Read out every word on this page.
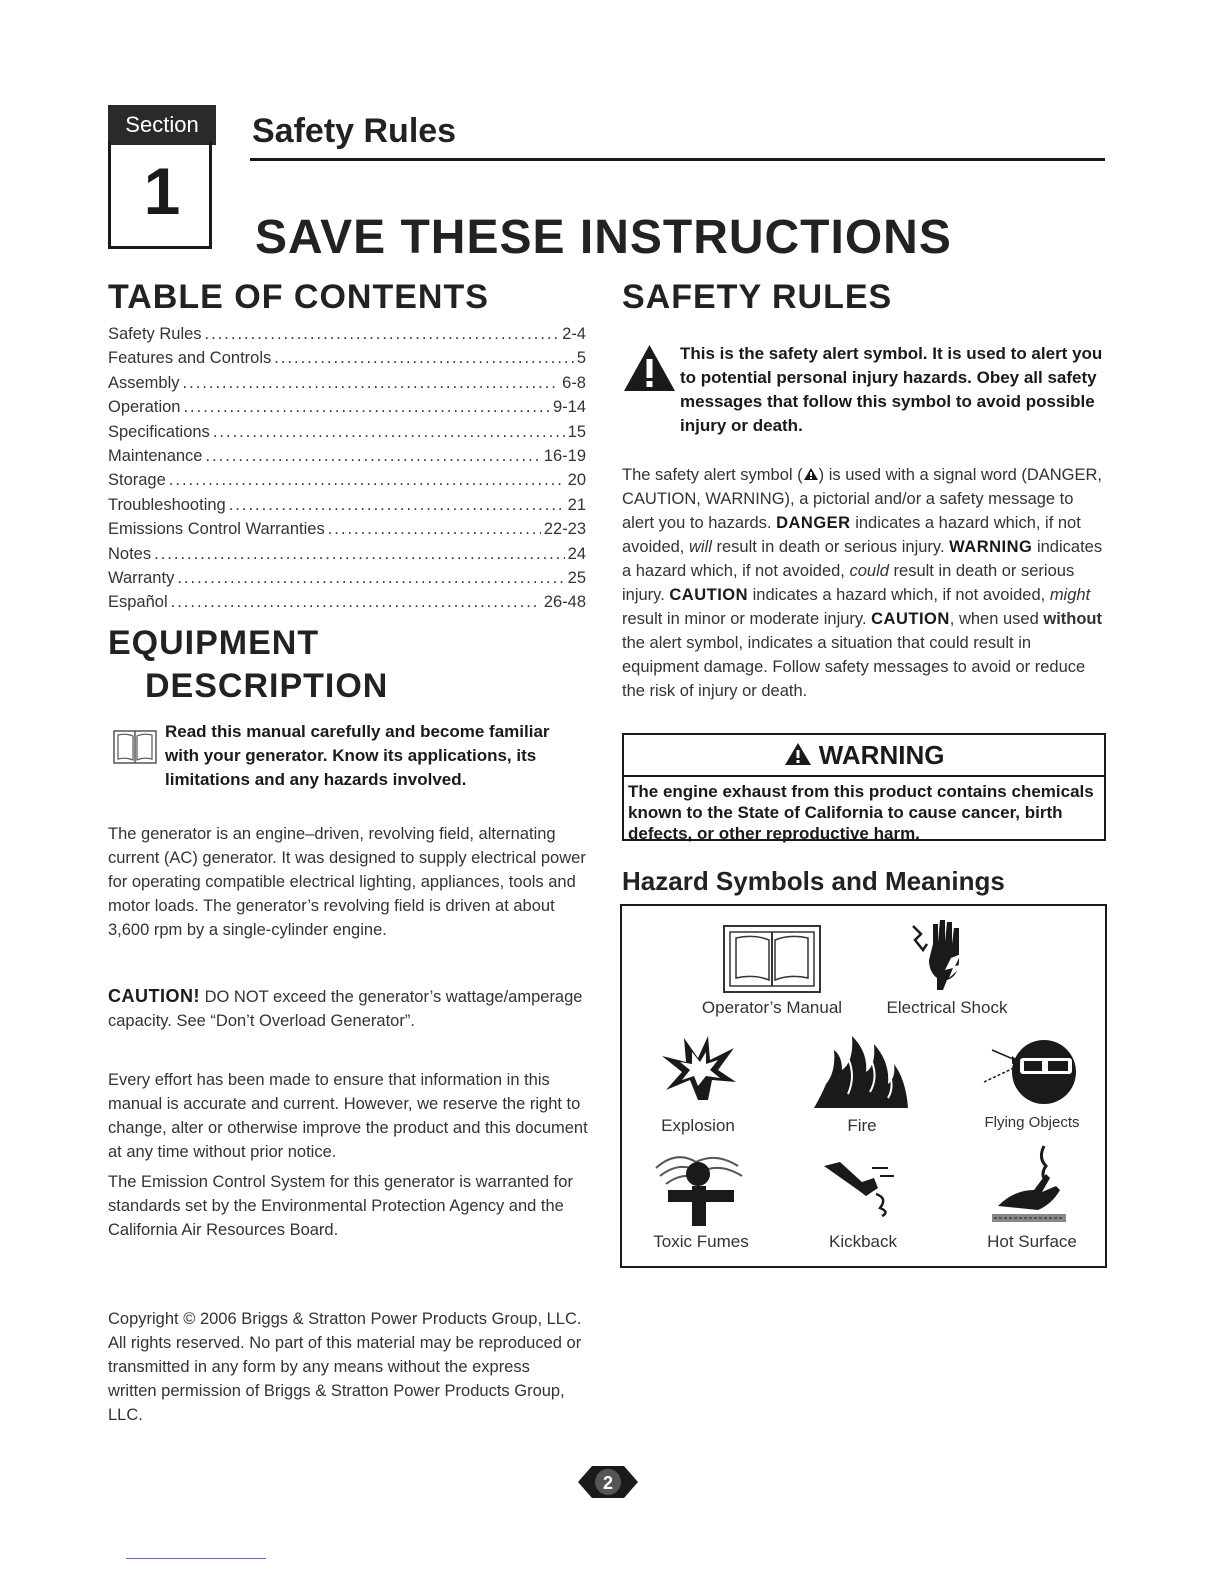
Section
1
Safety Rules
SAVE THESE INSTRUCTIONS
TABLE OF CONTENTS
Safety Rules .....	2-4
Features and Controls .....	5
Assembly .....	6-8
Operation .....	9-14
Specifications .....	15
Maintenance .....	16-19
Storage .....	20
Troubleshooting .....	21
Emissions Control Warranties .....	22-23
Notes .....	24
Warranty .....	25
Español .....	26-48
EQUIPMENT
DESCRIPTION
Read this manual carefully and become familiar with your generator. Know its applications, its limitations and any hazards involved.
The generator is an engine–driven, revolving field, alternating current (AC) generator. It was designed to supply electrical power for operating compatible electrical lighting, appliances, tools and motor loads. The generator’s revolving field is driven at about 3,600 rpm by a single-cylinder engine.
CAUTION! DO NOT exceed the generator’s wattage/amperage capacity. See “Don’t Overload Generator”.
Every effort has been made to ensure that information in this manual is accurate and current. However, we reserve the right to change, alter or otherwise improve the product and this document at any time without prior notice.
The Emission Control System for this generator is warranted for standards set by the Environmental Protection Agency and the California Air Resources Board.
Copyright © 2006 Briggs & Stratton Power Products Group, LLC. All rights reserved. No part of this material may be reproduced or transmitted in any form by any means without the express written permission of Briggs & Stratton Power Products Group, LLC.
SAFETY RULES
This is the safety alert symbol. It is used to alert you to potential personal injury hazards. Obey all safety messages that follow this symbol to avoid possible injury or death.
The safety alert symbol ( ) is used with a signal word (DANGER, CAUTION, WARNING), a pictorial and/or a safety message to alert you to hazards. DANGER indicates a hazard which, if not avoided, will result in death or serious injury. WARNING indicates a hazard which, if not avoided, could result in death or serious injury. CAUTION indicates a hazard which, if not avoided, might result in minor or moderate injury. CAUTION, when used without the alert symbol, indicates a situation that could result in equipment damage. Follow safety messages to avoid or reduce the risk of injury or death.
WARNING
The engine exhaust from this product contains chemicals known to the State of California to cause cancer, birth defects, or other reproductive harm.
Hazard Symbols and Meanings
Operator’s Manual	Electrical Shock
Explosion	Fire	Flying Objects
Toxic Fumes	Kickback	Hot Surface
2
